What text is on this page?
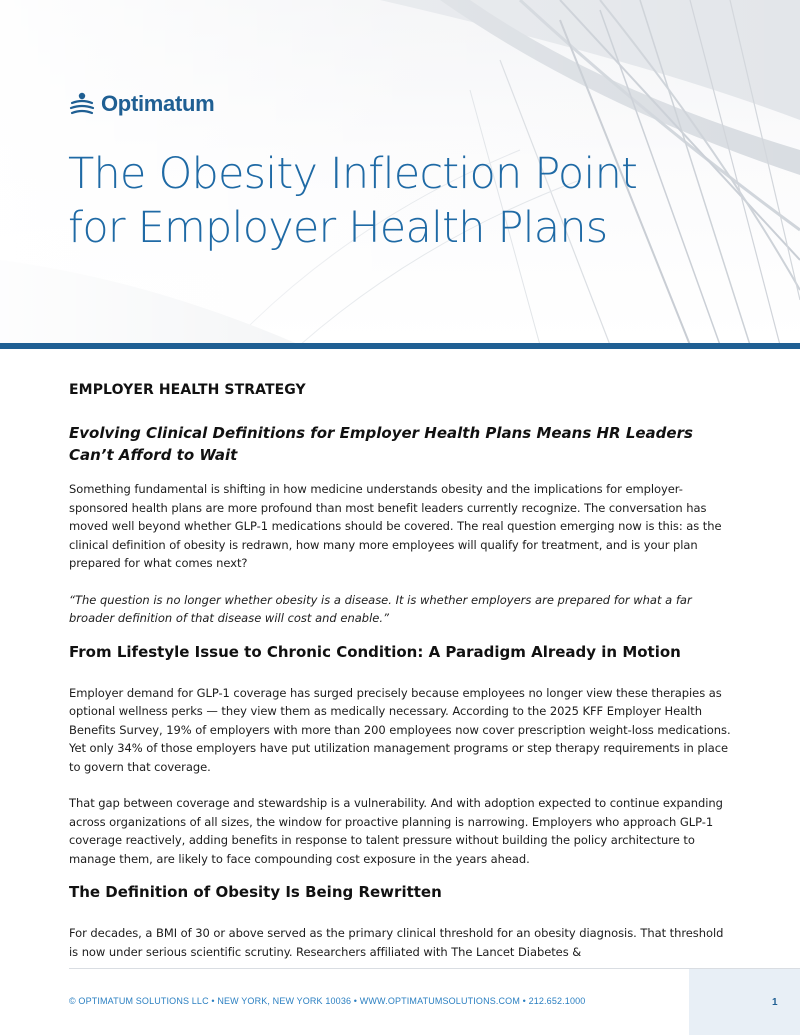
Optimatum
The Obesity Inflection Point
for Employer Health Plans
EMPLOYER HEALTH STRATEGY
Evolving Clinical Definitions for Employer Health Plans Means HR Leaders Can’t Afford to Wait

Something fundamental is shifting in how medicine understands obesity and the implications for employer-sponsored health plans are more profound than most benefit leaders currently recognize. The conversation has moved well beyond whether GLP-1 medications should be covered. The real question emerging now is this: as the clinical definition of obesity is redrawn, how many more employees will qualify for treatment, and is your plan prepared for what comes next?

“The question is no longer whether obesity is a disease. It is whether employers are prepared for what a far broader definition of that disease will cost and enable.”

From Lifestyle Issue to Chronic Condition: A Paradigm Already in Motion

Employer demand for GLP-1 coverage has surged precisely because employees no longer view these therapies as optional wellness perks — they view them as medically necessary. According to the 2025 KFF Employer Health Benefits Survey, 19% of employers with more than 200 employees now cover prescription weight-loss medications. Yet only 34% of those employers have put utilization management programs or step therapy requirements in place to govern that coverage.

That gap between coverage and stewardship is a vulnerability. And with adoption expected to continue expanding across organizations of all sizes, the window for proactive planning is narrowing. Employers who approach GLP-1 coverage reactively, adding benefits in response to talent pressure without building the policy architecture to manage them, are likely to face compounding cost exposure in the years ahead.

The Definition of Obesity Is Being Rewritten

For decades, a BMI of 30 or above served as the primary clinical threshold for an obesity diagnosis. That threshold is now under serious scientific scrutiny. Researchers affiliated with The Lancet Diabetes &

© OPTIMATUM SOLUTIONS LLC • NEW YORK, NEW YORK 10036 • WWW.OPTIMATUMSOLUTIONS.COM • 212.652.1000	1
